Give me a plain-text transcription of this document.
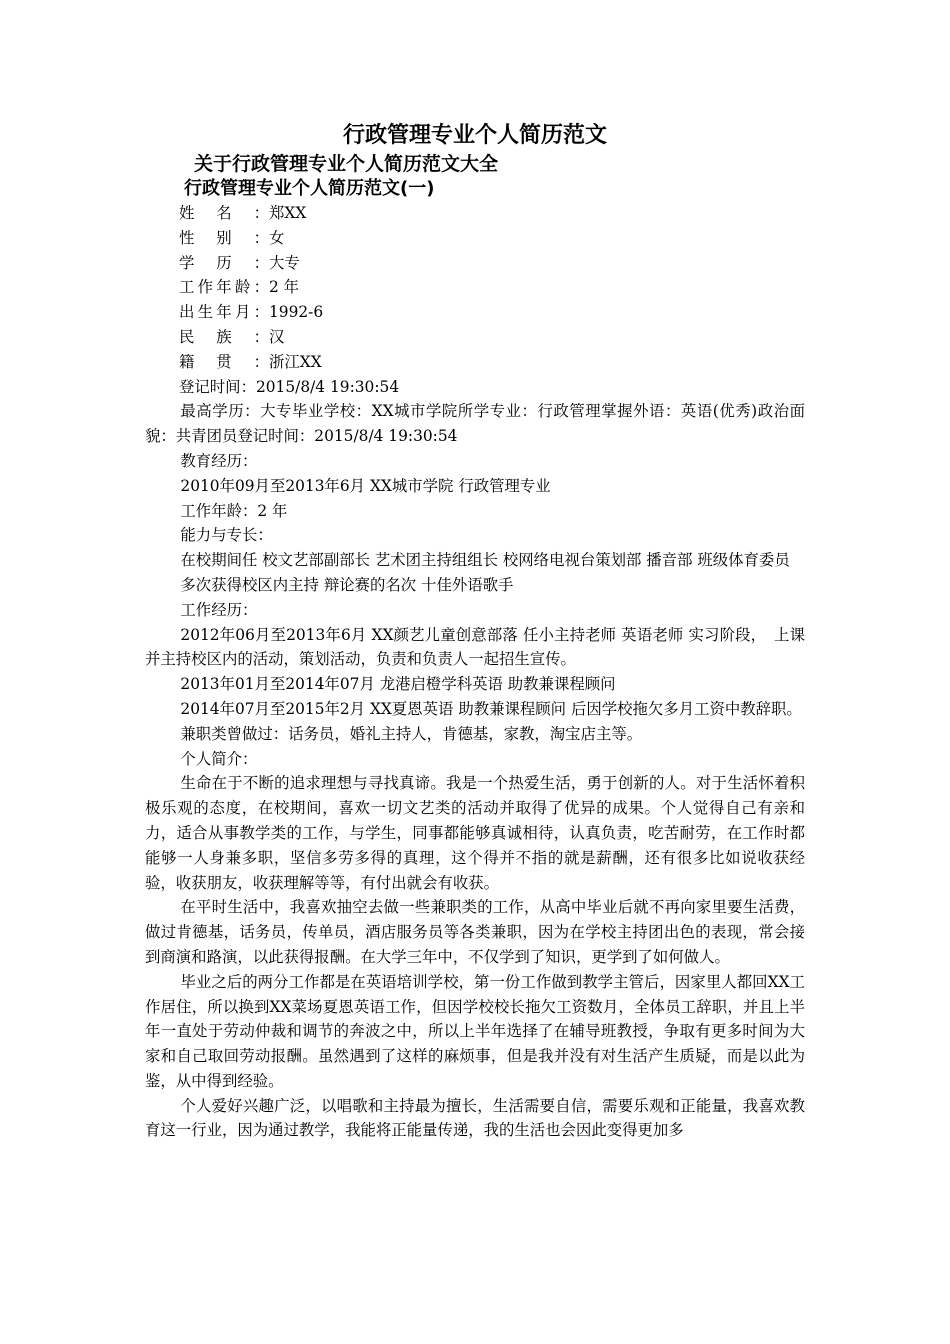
行政管理专业个人简历范文
关于行政管理专业个人简历范文大全
行政管理专业个人简历范文(一)
姓名：郑XX
性别：女
学历：大专
工作年龄：2 年
出生年月：1992-6
民族：汉
籍贯：浙江XX
登记时间：2015/8/4 19:30:54

最高学历：大专毕业学校：XX城市学院所学专业：行政管理掌握外语：英语(优秀)政治面貌：共青团员登记时间：2015/8/4 19:30:54

教育经历：

2010年09月至2013年6月 XX城市学院 行政管理专业

工作年龄：2 年

能力与专长：

在校期间任 校文艺部副部长 艺术团主持组组长 校网络电视台策划部 播音部 班级体育委员

多次获得校区内主持 辩论赛的名次 十佳外语歌手

工作经历：

2012年06月至2013年6月 XX颜艺儿童创意部落 任小主持老师 英语老师 实习阶段，　上课并主持校区内的活动，策划活动，负责和负责人一起招生宣传。

2013年01月至2014年07月 龙港启橙学科英语 助教兼课程顾问

2014年07月至2015年2月 XX夏恩英语 助教兼课程顾问 后因学校拖欠多月工资中教辞职。

兼职类曾做过：话务员，婚礼主持人，肯德基，家教，淘宝店主等。

个人简介：

生命在于不断的追求理想与寻找真谛。我是一个热爱生活，勇于创新的人。对于生活怀着积极乐观的态度，在校期间，喜欢一切文艺类的活动并取得了优异的成果。个人觉得自己有亲和力，适合从事教学类的工作，与学生，同事都能够真诚相待，认真负责，吃苦耐劳，在工作时都能够一人身兼多职，坚信多劳多得的真理，这个得并不指的就是薪酬，还有很多比如说收获经验，收获朋友，收获理解等等，有付出就会有收获。

在平时生活中，我喜欢抽空去做一些兼职类的工作，从高中毕业后就不再向家里要生活费，做过肯德基，话务员，传单员，酒店服务员等各类兼职，因为在学校主持团出色的表现，常会接到商演和路演，以此获得报酬。在大学三年中，不仅学到了知识，更学到了如何做人。

毕业之后的两分工作都是在英语培训学校，第一份工作做到教学主管后，因家里人都回XX工作居住，所以换到XX菜场夏恩英语工作，但因学校校长拖欠工资数月，全体员工辞职，并且上半年一直处于劳动仲裁和调节的奔波之中，所以上半年选择了在辅导班教授，争取有更多时间为大家和自己取回劳动报酬。虽然遇到了这样的麻烦事，但是我并没有对生活产生质疑，而是以此为鉴，从中得到经验。

个人爱好兴趣广泛，以唱歌和主持最为擅长，生活需要自信，需要乐观和正能量，我喜欢教育这一行业，因为通过教学，我能将正能量传递，我的生活也会因此变得更加多
